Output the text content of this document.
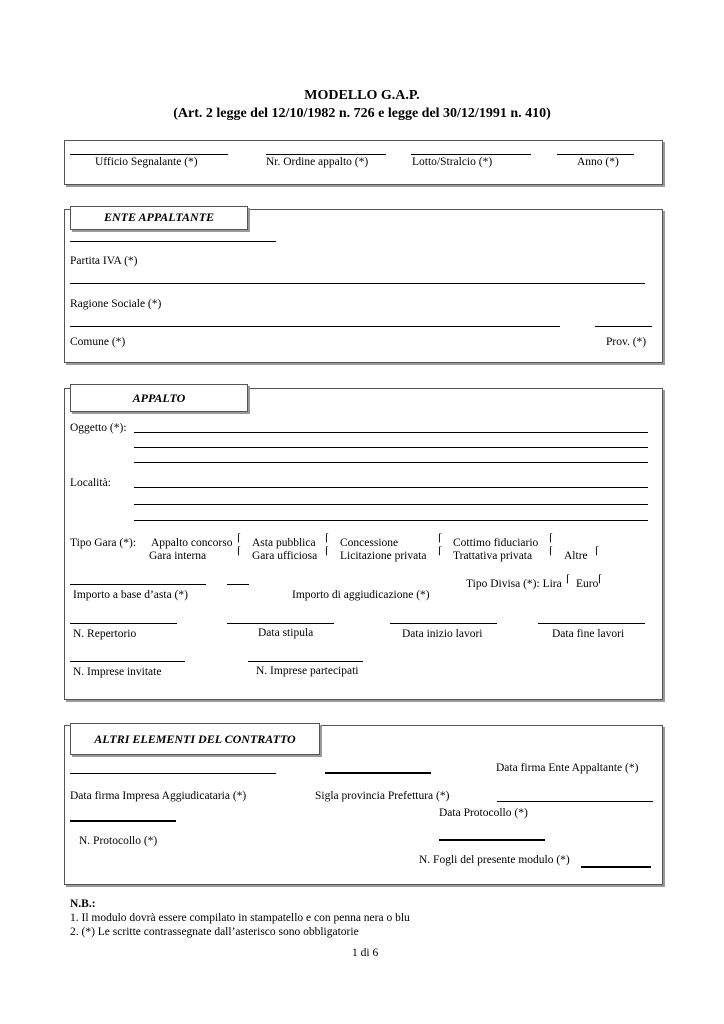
MODELLO G.A.P.
(Art. 2 legge del 12/10/1982 n. 726 e legge del 30/12/1991 n. 410)
Ufficio Segnalante (*)	Nr. Ordine appalto (*)	Lotto/Stralcio (*)	Anno (*)
ENTE APPALTANTE
Partita IVA (*)
Ragione Sociale (*)
Comune (*)	Prov. (*)
APPALTO
Oggetto (*):
Località:
Tipo Gara (*): Appalto concorso ⌈ Asta pubblica ⌈ Concessione	⌈ Cottimo fiduciario ⌈
Gara interna	⌈ Gara ufficiosa ⌈ Licitazione privata ⌈ Trattativa privata ⌈ Altre ⌈
Tipo Divisa (*): Lira ⌈ Euro ⌈
Importo a base d’asta (*)	Importo di aggiudicazione (*)
N. Repertorio	Data stipula	Data inizio lavori	Data fine lavori
N. Imprese invitate	N. Imprese partecipati
ALTRI ELEMENTI DEL CONTRATTO
Data firma Ente Appaltante (*)
Data firma Impresa Aggiudicataria (*)	Sigla provincia Prefettura (*)
Data Protocollo (*)
N. Protocollo (*)
N. Fogli del presente modulo (*)
N.B.:
1. Il modulo dovrà essere compilato in stampatello e con penna nera o blu
2. (*) Le scritte contrassegnate dall’asterisco sono obbligatorie
1 di 6
